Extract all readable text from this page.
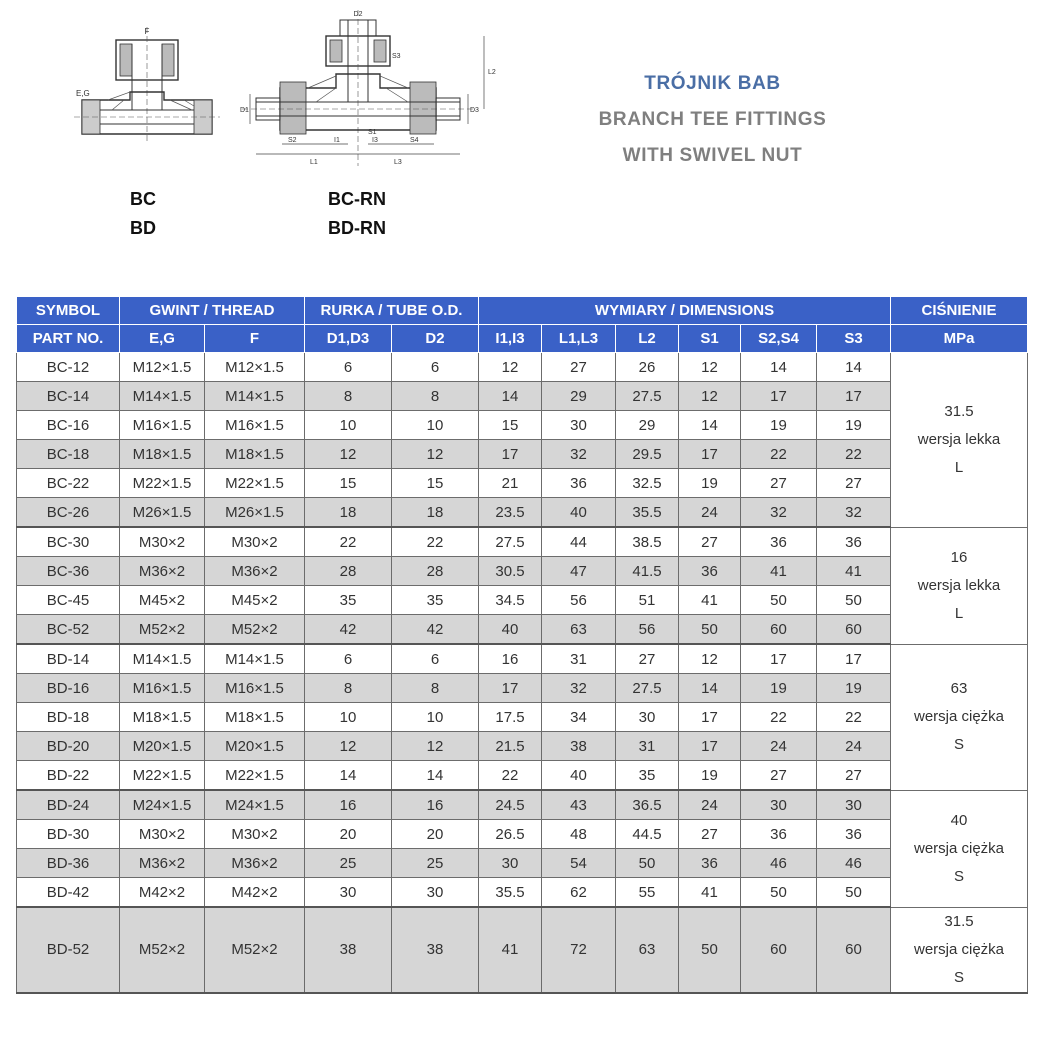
F
E,G
BC
BD
D2
S3
L2
D1	D3
S2
L1
I1
S1
I3	S4
L3
BC-RN
BD-RN
TRÓJNIK BAB
BRANCH TEE FITTINGS
WITH SWIVEL NUT
SYMBOL	GWINT / THREAD		RURKA / TUBE O.D.		WYMIARY / DIMENSIONS						CIŚNIENIE
PART NO.	E,G	F	D1,D3	D2	I1,I3	L1,L3	L2	S1	S2,S4	S3	MPa
BC-12	M12×1.5	M12×1.5	6	6	12	27	26	12	14	14	31.5
wersja lekka
L

BC-14	M14×1.5	M14×1.5	8	8	14	29	27.5	12	17	17	
BC-16	M16×1.5	M16×1.5	10	10	15	30	29	14	19	19	
BC-18	M18×1.5	M18×1.5	12	12	17	32	29.5	17	22	22	
BC-22	M22×1.5	M22×1.5	15	15	21	36	32.5	19	27	27	
BC-26	M26×1.5	M26×1.5	18	18	23.5	40	35.5	24	32	32	
BC-30	M30×2	M30×2	22	22	27.5	44	38.5	27	36	36	16
wersja lekka
L

BC-36	M36×2	M36×2	28	28	30.5	47	41.5	36	41	41	
BC-45	M45×2	M45×2	35	35	34.5	56	51	41	50	50	
BC-52	M52×2	M52×2	42	42	40	63	56	50	60	60	
BD-14	M14×1.5	M14×1.5	6	6	16	31	27	12	17	17	63
wersja ciężka
S

BD-16	M16×1.5	M16×1.5	8	8	17	32	27.5	14	19	19	
BD-18	M18×1.5	M18×1.5	10	10	17.5	34	30	17	22	22	
BD-20	M20×1.5	M20×1.5	12	12	21.5	38	31	17	24	24	
BD-22	M22×1.5	M22×1.5	14	14	22	40	35	19	27	27	
BD-24	M24×1.5	M24×1.5	16	16	24.5	43	36.5	24	30	30	40
wersja ciężka
S

BD-30	M30×2	M30×2	20	20	26.5	48	44.5	27	36	36	
BD-36	M36×2	M36×2	25	25	30	54	50	36	46	46	
BD-42	M42×2	M42×2	30	30	35.5	62	55	41	50	50	
BD-52	M52×2	M52×2	38	38	41	72	63	50	60	60	31.5
wersja ciężka
S
